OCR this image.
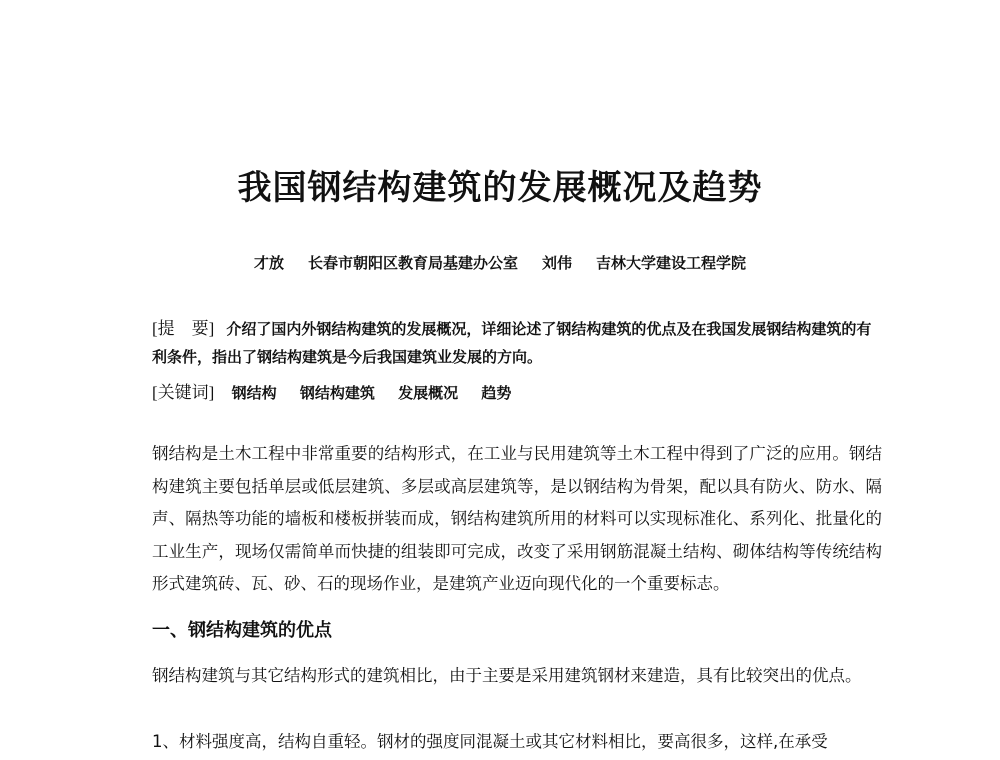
我国钢结构建筑的发展概况及趋势
才放 长春市朝阳区教育局基建办公室 刘伟 吉林大学建设工程学院
[提　要] 介绍了国内外钢结构建筑的发展概况，详细论述了钢结构建筑的优点及在我国发展钢结构建筑的有利条件，指出了钢结构建筑是今后我国建筑业发展的方向。
[关键词] 钢结构 钢结构建筑 发展概况 趋势
钢结构是土木工程中非常重要的结构形式，在工业与民用建筑等土木工程中得到了广泛的应用。钢结构建筑主要包括单层或低层建筑、多层或高层建筑等，是以钢结构为骨架，配以具有防火、防水、隔声、隔热等功能的墙板和楼板拼装而成，钢结构建筑所用的材料可以实现标准化、系列化、批量化的工业生产，现场仅需简单而快捷的组装即可完成，改变了采用钢筋混凝土结构、砌体结构等传统结构形式建筑砖、瓦、砂、石的现场作业，是建筑产业迈向现代化的一个重要标志。
一、钢结构建筑的优点
钢结构建筑与其它结构形式的建筑相比，由于主要是采用建筑钢材来建造，具有比较突出的优点。
1、材料强度高，结构自重轻。钢材的强度同混凝土或其它材料相比，要高很多，这样,在承受
